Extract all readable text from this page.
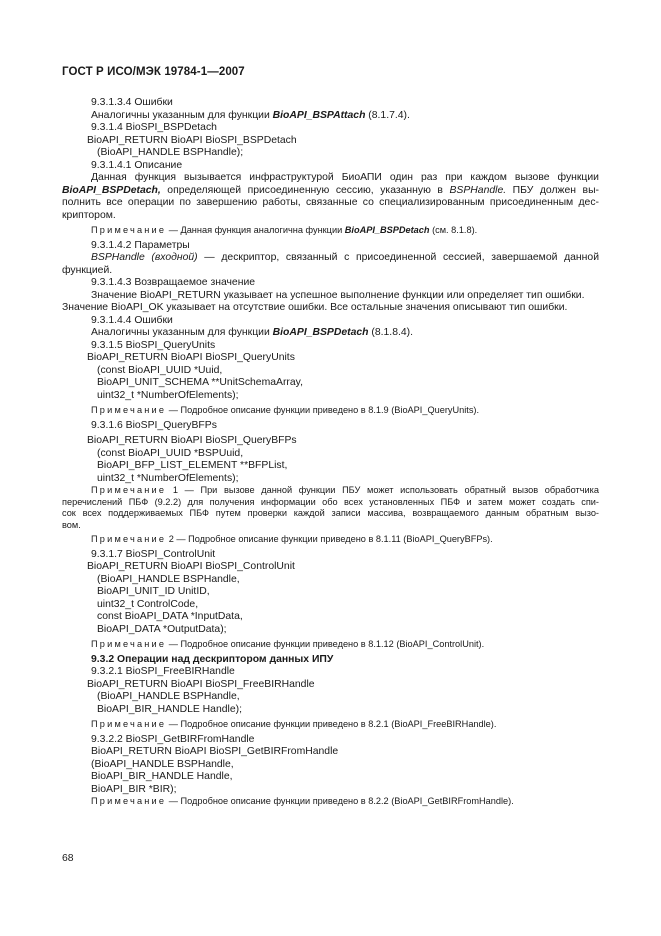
ГОСТ Р ИСО/МЭК 19784-1—2007
9.3.1.3.4 Ошибки
Аналогичны указанным для функции BioAPI_BSPAttach (8.1.7.4).
9.3.1.4 BioSPI_BSPDetach
BioAPI_RETURN BioAPI BioSPI_BSPDetach
(BioAPI_HANDLE BSPHandle);
9.3.1.4.1 Описание
Данная функция вызывается инфраструктурой БиоАПИ один раз при каждом вызове функции
BioAPI_BSPDetach, определяющей присоединенную сессию, указанную в BSPHandle. ПБУ должен вы-
полнить все операции по завершению работы, связанные со специализированным присоединенным дес-
криптором.
Примечание — Данная функция аналогична функции BioAPI_BSPDetach (см. 8.1.8).
9.3.1.4.2 Параметры
BSPHandle (входной) — дескриптор, связанный с присоединенной сессией, завершаемой данной
функцией.
9.3.1.4.3 Возвращаемое значение
Значение BioAPI_RETURN указывает на успешное выполнение функции или определяет тип ошибки.
Значение BioAPI_OK указывает на отсутствие ошибки. Все остальные значения описывают тип ошибки.
9.3.1.4.4 Ошибки
Аналогичны указанным для функции BioAPI_BSPDetach (8.1.8.4).
9.3.1.5 BioSPI_QueryUnits
BioAPI_RETURN BioAPI BioSPI_QueryUnits
(const BioAPI_UUID *Uuid,
BioAPI_UNIT_SCHEMA **UnitSchemaArray,
uint32_t *NumberOfElements);
Примечание — Подробное описание функции приведено в 8.1.9 (BioAPI_QueryUnits).
9.3.1.6 BioSPI_QueryBFPs
BioAPI_RETURN BioAPI BioSPI_QueryBFPs
(const BioAPI_UUID *BSPUuid,
BioAPI_BFP_LIST_ELEMENT **BFPList,
uint32_t *NumberOfElements);
Примечание 1 — При вызове данной функции ПБУ может использовать обратный вызов обработчика
перечислений ПБФ (9.2.2) для получения информации обо всех установленных ПБФ и затем может создать спи-
сок всех поддерживаемых ПБФ путем проверки каждой записи массива, возвращаемого данным обратным вызо-
вом.
Примечание 2 — Подробное описание функции приведено в 8.1.11 (BioAPI_QueryBFPs).
9.3.1.7 BioSPI_ControlUnit
BioAPI_RETURN BioAPI BioSPI_ControlUnit
(BioAPI_HANDLE BSPHandle,
BioAPI_UNIT_ID UnitID,
uint32_t ControlCode,
const BioAPI_DATA *InputData,
BioAPI_DATA *OutputData);
Примечание — Подробное описание функции приведено в 8.1.12 (BioAPI_ControlUnit).
9.3.2 Операции над дескриптором данных ИПУ
9.3.2.1 BioSPI_FreeBIRHandle
BioAPI_RETURN BioAPI BioSPI_FreeBIRHandle
(BioAPI_HANDLE BSPHandle,
BioAPI_BIR_HANDLE Handle);
Примечание — Подробное описание функции приведено в 8.2.1 (BioAPI_FreeBIRHandle).
9.3.2.2 BioSPI_GetBIRFromHandle
BioAPI_RETURN BioAPI BioSPI_GetBIRFromHandle
(BioAPI_HANDLE BSPHandle,
BioAPI_BIR_HANDLE Handle,
BioAPI_BIR *BIR);
Примечание — Подробное описание функции приведено в 8.2.2 (BioAPI_GetBIRFromHandle).
68
